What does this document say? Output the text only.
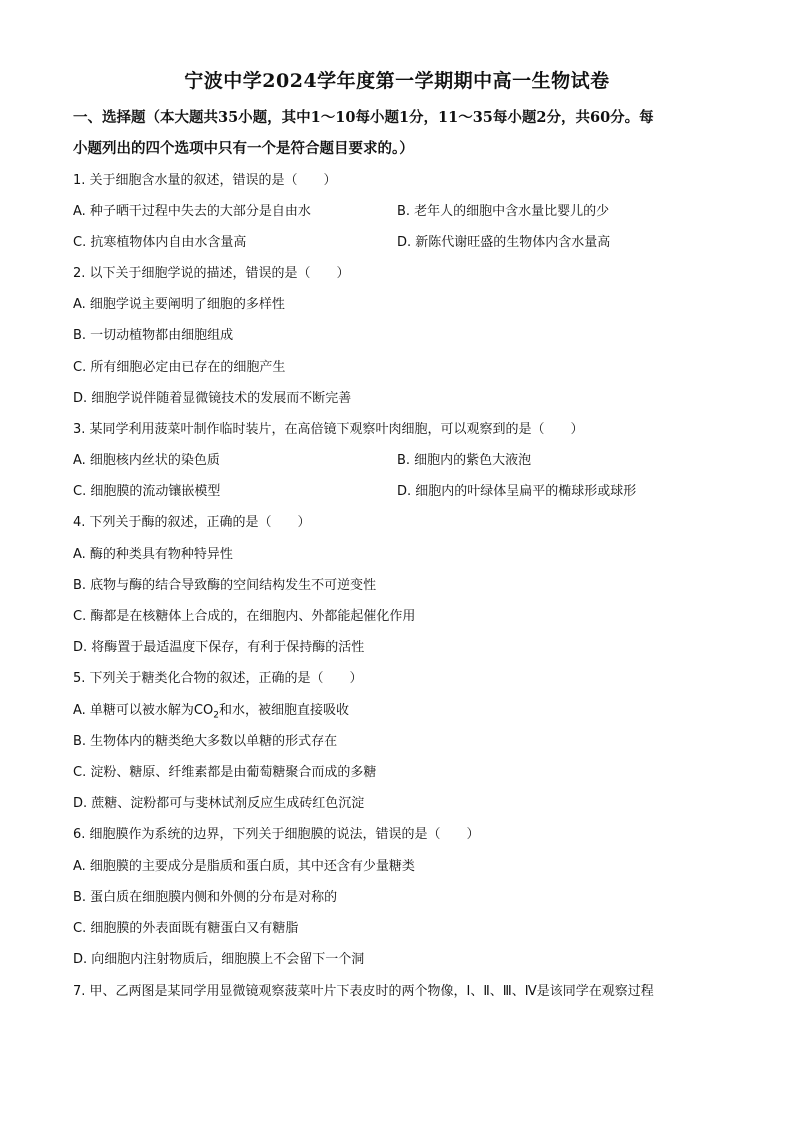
宁波中学2024学年度第一学期期中高一生物试卷
一、选择题（本大题共35小题，其中1～10每小题1分，11～35每小题2分，共60分。每
小题列出的四个选项中只有一个是符合题目要求的。）
1. 关于细胞含水量的叙述，错误的是（　　）
A. 种子晒干过程中失去的大部分是自由水	B. 老年人的细胞中含水量比婴儿的少
C. 抗寒植物体内自由水含量高	D. 新陈代谢旺盛的生物体内含水量高
2. 以下关于细胞学说的描述，错误的是（　　）
A. 细胞学说主要阐明了细胞的多样性
B. 一切动植物都由细胞组成
C. 所有细胞必定由已存在的细胞产生
D. 细胞学说伴随着显微镜技术的发展而不断完善
3. 某同学利用菠菜叶制作临时装片，在高倍镜下观察叶肉细胞，可以观察到的是（　　）
A. 细胞核内丝状的染色质	B. 细胞内的紫色大液泡
C. 细胞膜的流动镶嵌模型	D. 细胞内的叶绿体呈扁平的椭球形或球形
4. 下列关于酶的叙述，正确的是（　　）
A. 酶的种类具有物种特异性
B. 底物与酶的结合导致酶的空间结构发生不可逆变性
C. 酶都是在核糖体上合成的，在细胞内、外都能起催化作用
D. 将酶置于最适温度下保存，有利于保持酶的活性
5. 下列关于糖类化合物的叙述，正确的是（　　）
A. 单糖可以被水解为$CO_2$和水，被细胞直接吸收
B. 生物体内的糖类绝大多数以单糖的形式存在
C. 淀粉、糖原、纤维素都是由葡萄糖聚合而成的多糖
D. 蔗糖、淀粉都可与斐林试剂反应生成砖红色沉淀
6. 细胞膜作为系统的边界，下列关于细胞膜的说法，错误的是（　　）
A. 细胞膜的主要成分是脂质和蛋白质，其中还含有少量糖类
B. 蛋白质在细胞膜内侧和外侧的分布是对称的
C. 细胞膜的外表面既有糖蛋白又有糖脂
D. 向细胞内注射物质后，细胞膜上不会留下一个洞
7. 甲、乙两图是某同学用显微镜观察菠菜叶片下表皮时的两个物像，Ⅰ、Ⅱ、Ⅲ、Ⅳ是该同学在观察过程
